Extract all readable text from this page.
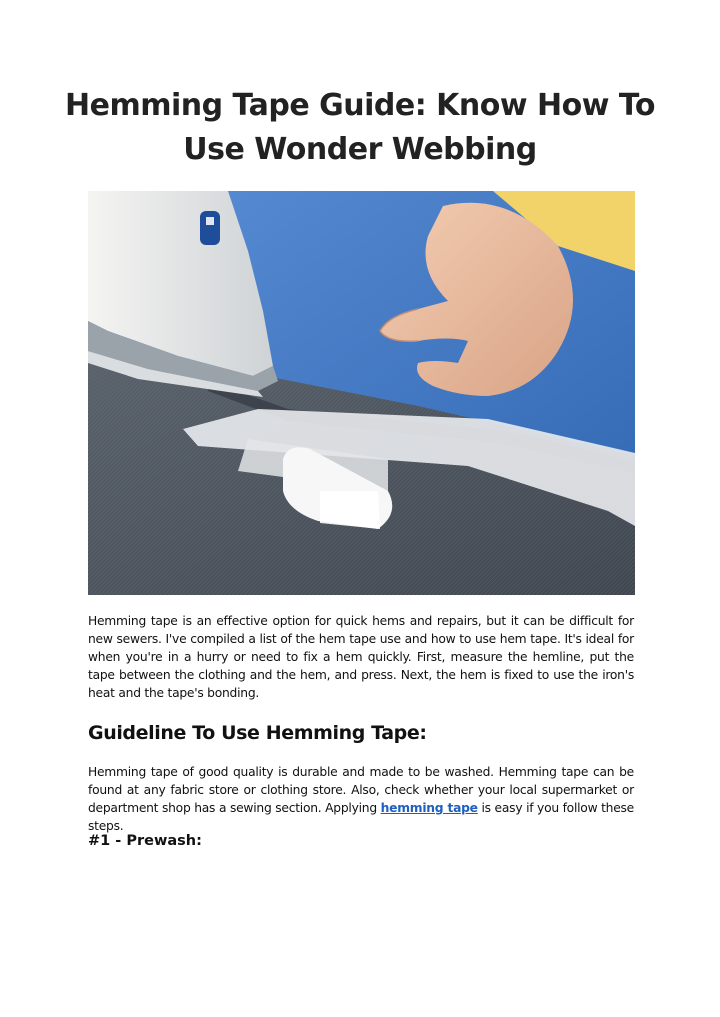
Hemming Tape Guide: Know How To Use Wonder Webbing

Hemming tape is an effective option for quick hems and repairs, but it can be difficult for new sewers. I've compiled a list of the hem tape use and how to use hem tape. It's ideal for when you're in a hurry or need to fix a hem quickly. First, measure the hemline, put the tape between the clothing and the hem, and press. Next, the hem is fixed to use the iron's heat and the tape's bonding.

Guideline To Use Hemming Tape:

Hemming tape of good quality is durable and made to be washed. Hemming tape can be found at any fabric store or clothing store. Also, check whether your local supermarket or department shop has a sewing section. Applying hemming tape is easy if you follow these steps.

#1 - Prewash:
